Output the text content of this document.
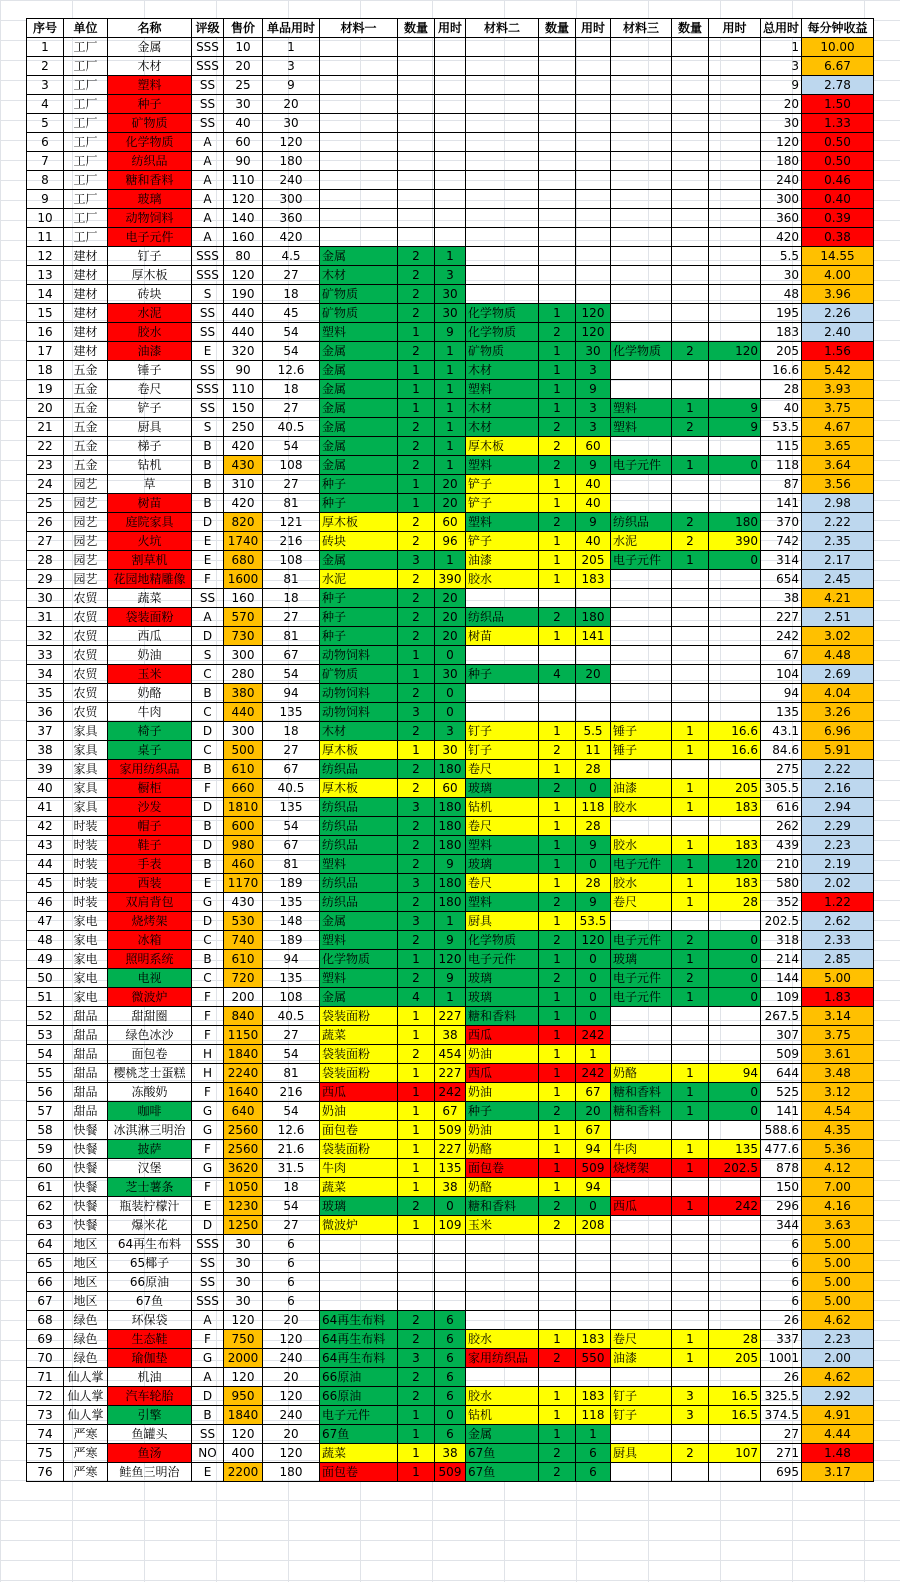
序号	单位	名称	评级	售价	单品用时	材料一	数量	用时	材料二	数量	用时	材料三	数量	用时	总用时	每分钟收益
1	工厂	金属	SSS	10	1										1	10.00
2	工厂	木材	SSS	20	3										3	6.67
3	工厂	塑料	SS	25	9										9	2.78
4	工厂	种子	SS	30	20										20	1.50
5	工厂	矿物质	SS	40	30										30	1.33
6	工厂	化学物质	A	60	120										120	0.50
7	工厂	纺织品	A	90	180										180	0.50
8	工厂	糖和香料	A	110	240										240	0.46
9	工厂	玻璃	A	120	300										300	0.40
10	工厂	动物饲料	A	140	360										360	0.39
11	工厂	电子元件	A	160	420										420	0.38
12	建材	钉子	SSS	80	4.5	金属	2	1							5.5	14.55
13	建材	厚木板	SSS	120	27	木材	2	3							30	4.00
14	建材	砖块	S	190	18	矿物质	2	30							48	3.96
15	建材	水泥	SS	440	45	矿物质	2	30	化学物质	1	120				195	2.26
16	建材	胶水	SS	440	54	塑料	1	9	化学物质	2	120				183	2.40
17	建材	油漆	E	320	54	金属	2	1	矿物质	1	30	化学物质	2	120	205	1.56
18	五金	锤子	SS	90	12.6	金属	1	1	木材	1	3				16.6	5.42
19	五金	卷尺	SSS	110	18	金属	1	1	塑料	1	9				28	3.93
20	五金	铲子	SS	150	27	金属	1	1	木材	1	3	塑料	1	9	40	3.75
21	五金	厨具	S	250	40.5	金属	2	1	木材	2	3	塑料	2	9	53.5	4.67
22	五金	梯子	B	420	54	金属	2	1	厚木板	2	60				115	3.65
23	五金	钻机	B	430	108	金属	2	1	塑料	2	9	电子元件	1	0	118	3.64
24	园艺	草	B	310	27	种子	1	20	铲子	1	40				87	3.56
25	园艺	树苗	B	420	81	种子	1	20	铲子	1	40				141	2.98
26	园艺	庭院家具	D	820	121	厚木板	2	60	塑料	2	9	纺织品	2	180	370	2.22
27	园艺	火坑	E	1740	216	砖块	2	96	铲子	1	40	水泥	2	390	742	2.35
28	园艺	割草机	E	680	108	金属	3	1	油漆	1	205	电子元件	1	0	314	2.17
29	园艺	花园地精雕像	F	1600	81	水泥	2	390	胶水	1	183				654	2.45
30	农贸	蔬菜	SS	160	18	种子	2	20							38	4.21
31	农贸	袋装面粉	A	570	27	种子	2	20	纺织品	2	180				227	2.51
32	农贸	西瓜	D	730	81	种子	2	20	树苗	1	141				242	3.02
33	农贸	奶油	S	300	67	动物饲料	1	0							67	4.48
34	农贸	玉米	C	280	54	矿物质	1	30	种子	4	20				104	2.69
35	农贸	奶酪	B	380	94	动物饲料	2	0							94	4.04
36	农贸	牛肉	C	440	135	动物饲料	3	0							135	3.26
37	家具	椅子	D	300	18	木材	2	3	钉子	1	5.5	锤子	1	16.6	43.1	6.96
38	家具	桌子	C	500	27	厚木板	1	30	钉子	2	11	锤子	1	16.6	84.6	5.91
39	家具	家用纺织品	B	610	67	纺织品	2	180	卷尺	1	28				275	2.22
40	家具	橱柜	F	660	40.5	厚木板	2	60	玻璃	2	0	油漆	1	205	305.5	2.16
41	家具	沙发	D	1810	135	纺织品	3	180	钻机	1	118	胶水	1	183	616	2.94
42	时装	帽子	B	600	54	纺织品	2	180	卷尺	1	28				262	2.29
43	时装	鞋子	D	980	67	纺织品	2	180	塑料	1	9	胶水	1	183	439	2.23
44	时装	手表	B	460	81	塑料	2	9	玻璃	1	0	电子元件	1	120	210	2.19
45	时装	西装	E	1170	189	纺织品	3	180	卷尺	1	28	胶水	1	183	580	2.02
46	时装	双肩背包	G	430	135	纺织品	2	180	塑料	2	9	卷尺	1	28	352	1.22
47	家电	烧烤架	D	530	148	金属	3	1	厨具	1	53.5				202.5	2.62
48	家电	冰箱	C	740	189	塑料	2	9	化学物质	2	120	电子元件	2	0	318	2.33
49	家电	照明系统	B	610	94	化学物质	1	120	电子元件	1	0	玻璃	1	0	214	2.85
50	家电	电视	C	720	135	塑料	2	9	玻璃	2	0	电子元件	2	0	144	5.00
51	家电	微波炉	F	200	108	金属	4	1	玻璃	1	0	电子元件	1	0	109	1.83
52	甜品	甜甜圈	F	840	40.5	袋装面粉	1	227	糖和香料	1	0				267.5	3.14
53	甜品	绿色冰沙	F	1150	27	蔬菜	1	38	西瓜	1	242				307	3.75
54	甜品	面包卷	H	1840	54	袋装面粉	2	454	奶油	1	1				509	3.61
55	甜品	樱桃芝士蛋糕	H	2240	81	袋装面粉	1	227	西瓜	1	242	奶酪	1	94	644	3.48
56	甜品	冻酸奶	F	1640	216	西瓜	1	242	奶油	1	67	糖和香料	1	0	525	3.12
57	甜品	咖啡	G	640	54	奶油	1	67	种子	2	20	糖和香料	1	0	141	4.54
58	快餐	冰淇淋三明治	G	2560	12.6	面包卷	1	509	奶油	1	67				588.6	4.35
59	快餐	披萨	F	2560	21.6	袋装面粉	1	227	奶酪	1	94	牛肉	1	135	477.6	5.36
60	快餐	汉堡	G	3620	31.5	牛肉	1	135	面包卷	1	509	烧烤架	1	202.5	878	4.12
61	快餐	芝士薯条	F	1050	18	蔬菜	1	38	奶酪	1	94				150	7.00
62	快餐	瓶装柠檬汁	E	1230	54	玻璃	2	0	糖和香料	2	0	西瓜	1	242	296	4.16
63	快餐	爆米花	D	1250	27	微波炉	1	109	玉米	2	208				344	3.63
64	地区	64再生布料	SSS	30	6										6	5.00
65	地区	65椰子	SS	30	6										6	5.00
66	地区	66原油	SS	30	6										6	5.00
67	地区	67鱼	SSS	30	6										6	5.00
68	绿色	环保袋	A	120	20	64再生布料	2	6							26	4.62
69	绿色	生态鞋	F	750	120	64再生布料	2	6	胶水	1	183	卷尺	1	28	337	2.23
70	绿色	瑜伽垫	G	2000	240	64再生布料	3	6	家用纺织品	2	550	油漆	1	205	1001	2.00
71	仙人掌	机油	A	120	20	66原油	2	6							26	4.62
72	仙人掌	汽车轮胎	D	950	120	66原油	2	6	胶水	1	183	钉子	3	16.5	325.5	2.92
73	仙人掌	引擎	B	1840	240	电子元件	1	0	钻机	1	118	钉子	3	16.5	374.5	4.91
74	严寒	鱼罐头	SS	120	20	67鱼	1	6	金属	1	1				27	4.44
75	严寒	鱼汤	NO	400	120	蔬菜	1	38	67鱼	2	6	厨具	2	107	271	1.48
76	严寒	鲑鱼三明治	E	2200	180	面包卷	1	509	67鱼	2	6				695	3.17
